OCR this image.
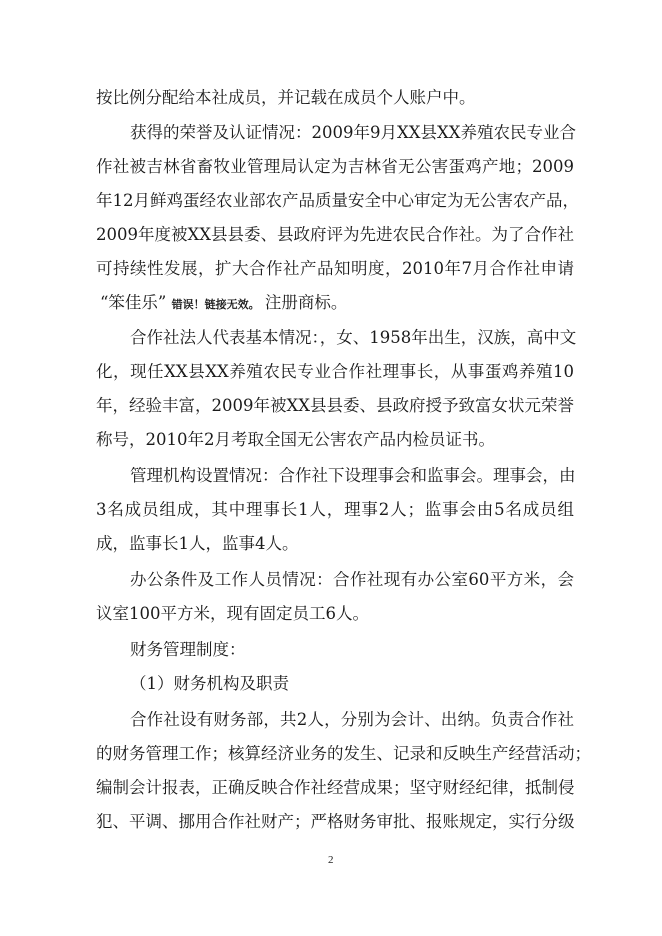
按比例分配给本社成员，并记载在成员个人账户中。

获得的荣誉及认证情况：2009年9月XX县XX养殖农民专业合

作社被吉林省畜牧业管理局认定为吉林省无公害蛋鸡产地；2009

年12月鲜鸡蛋经农业部农产品质量安全中心审定为无公害农产品，

2009年度被XX县县委、县政府评为先进农民合作社。为了合作社

可持续性发展，扩大合作社产品知明度，2010年7月合作社申请

“笨佳乐” 错误！链接无效。 注册商标。

合作社法人代表基本情况：，女、1958年出生，汉族，高中文

化，现任XX县XX养殖农民专业合作社理事长，从事蛋鸡养殖10

年，经验丰富，2009年被XX县县委、县政府授予致富女状元荣誉

称号，2010年2月考取全国无公害农产品内检员证书。

管理机构设置情况：合作社下设理事会和监事会。理事会，由

3名成员组成，其中理事长1人，理事2人；监事会由5名成员组

成，监事长1人，监事4人。

办公条件及工作人员情况：合作社现有办公室60平方米，会

议室100平方米，现有固定员工6人。

财务管理制度：

（1）财务机构及职责

合作社设有财务部，共2人，分别为会计、出纳。负责合作社

的财务管理工作；核算经济业务的发生、记录和反映生产经营活动；

编制会计报表，正确反映合作社经营成果；坚守财经纪律，抵制侵

犯、平调、挪用合作社财产；严格财务审批、报账规定，实行分级

2
